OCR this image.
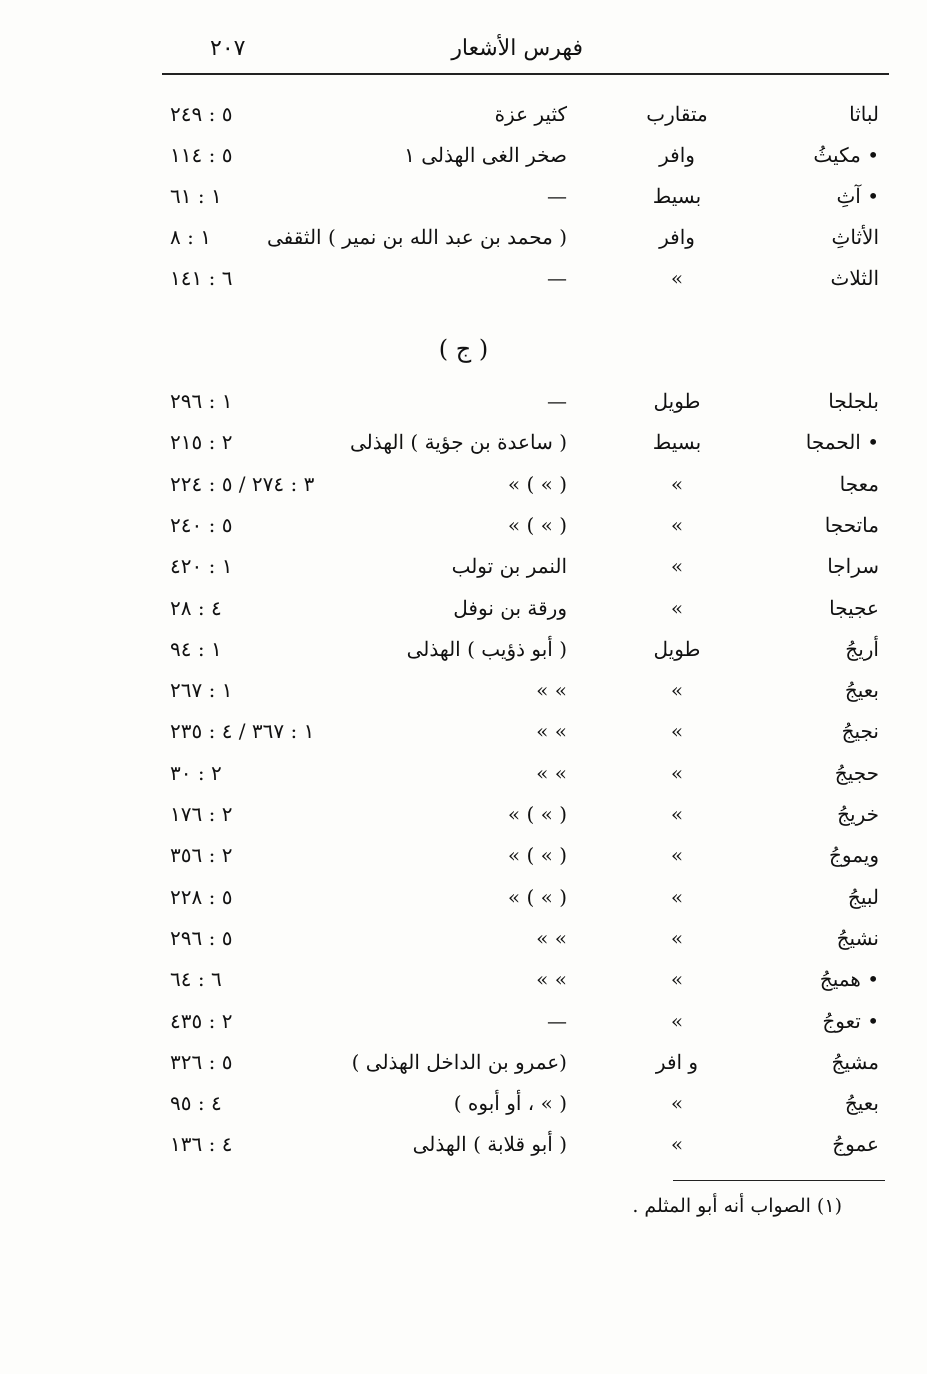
فهرس الأشعار
٢٠٧
لباثا
متقارب
كثير عزة
٥ : ٢٤٩
• مكيثُ
وافر
صخر الغى الهذلى ١
٥ : ١١٤
• آثِ
بسيط
—
١ : ٦١
الأثاثِ
وافر
( محمد بن عبد الله بن نمير ) الثقفى
١ : ٨
الثلاث
»
—
٦ : ١٤١
( ج )
بلجلجا
طويل
—
١ : ٢٩٦
• الحمجا
بسيط
( ساعدة بن جؤية ) الهذلى
٢ : ٢١٥
معجا
»
( » ) »
٣ : ٢٧٤ / ٥ : ٢٢٤
ماتحجا
»
( » ) »
٥ : ٢٤٠
سراجا
»
النمر بن تولب
١ : ٤٢٠
عجيجا
»
ورقة بن نوفل
٤ : ٢٨
أريجُ
طويل
( أبو ذؤيب ) الهذلى
١ : ٩٤
بعيجُ
»
» »
١ : ٢٦٧
نجيجُ
»
» »
١ : ٣٦٧ / ٤ : ٢٣٥
حجيجُ
»
» »
٢ : ٣٠
خريجُ
»
( » ) »
٢ : ١٧٦
ويموجُ
»
( » ) »
٢ : ٣٥٦
لبيجُ
»
( » ) »
٥ : ٢٢٨
نشيجُ
»
» »
٥ : ٢٩٦
• هميجُ
»
» »
٦ : ٦٤
• تعوجُ
»
—
٢ : ٤٣٥
مشيجُ
و افر
(عمرو بن الداخل الهذلى )
٥ : ٣٢٦
بعيجُ
»
( » ، أو أبوه )
٤ : ٩٥
عموجُ
»
( أبو قلابة ) الهذلى
٤ : ١٣٦
(١) الصواب أنه أبو المثلم .
